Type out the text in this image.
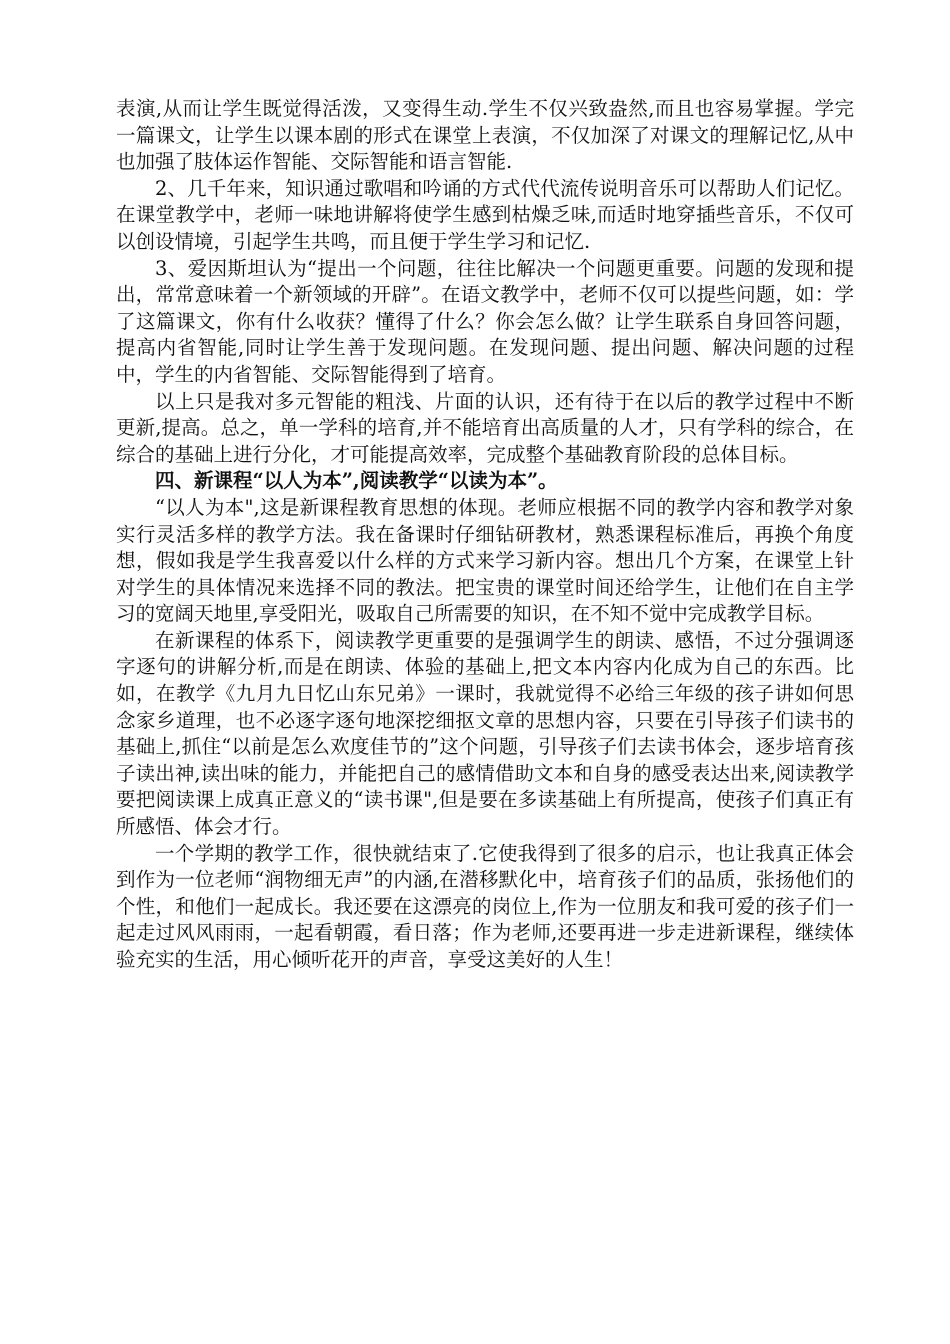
表演,从而让学生既觉得活泼，又变得生动.学生不仅兴致盎然,而且也容易掌握。学完一篇课文，让学生以课本剧的形式在课堂上表演，不仅加深了对课文的理解记忆,从中也加强了肢体运作智能、交际智能和语言智能.

2、几千年来，知识通过歌唱和吟诵的方式代代流传说明音乐可以帮助人们记忆。在课堂教学中，老师一味地讲解将使学生感到枯燥乏味,而适时地穿插些音乐，不仅可以创设情境，引起学生共鸣，而且便于学生学习和记忆.

3、爱因斯坦认为“提出一个问题，往往比解决一个问题更重要。问题的发现和提出，常常意味着一个新领域的开辟”。在语文教学中，老师不仅可以提些问题，如：学了这篇课文，你有什么收获？懂得了什么？你会怎么做？让学生联系自身回答问题，提高内省智能,同时让学生善于发现问题。在发现问题、提出问题、解决问题的过程中，学生的内省智能、交际智能得到了培育。

以上只是我对多元智能的粗浅、片面的认识，还有待于在以后的教学过程中不断更新,提高。总之，单一学科的培育,并不能培育出高质量的人才，只有学科的综合，在综合的基础上进行分化，才可能提高效率，完成整个基础教育阶段的总体目标。

四、新课程“以人为本”,阅读教学“以读为本”。

“以人为本",这是新课程教育思想的体现。老师应根据不同的教学内容和教学对象实行灵活多样的教学方法。我在备课时仔细钻研教材，熟悉课程标准后，再换个角度想，假如我是学生我喜爱以什么样的方式来学习新内容。想出几个方案，在课堂上针对学生的具体情况来选择不同的教法。把宝贵的课堂时间还给学生，让他们在自主学习的宽阔天地里,享受阳光，吸取自己所需要的知识，在不知不觉中完成教学目标。

在新课程的体系下，阅读教学更重要的是强调学生的朗读、感悟，不过分强调逐字逐句的讲解分析,而是在朗读、体验的基础上,把文本内容内化成为自己的东西。比如，在教学《九月九日忆山东兄弟》一课时，我就觉得不必给三年级的孩子讲如何思念家乡道理，也不必逐字逐句地深挖细抠文章的思想内容，只要在引导孩子们读书的基础上,抓住“以前是怎么欢度佳节的”这个问题，引导孩子们去读书体会，逐步培育孩子读出神,读出味的能力，并能把自己的感情借助文本和自身的感受表达出来,阅读教学要把阅读课上成真正意义的“读书课",但是要在多读基础上有所提高，使孩子们真正有所感悟、体会才行。

一个学期的教学工作，很快就结束了.它使我得到了很多的启示，也让我真正体会到作为一位老师“润物细无声”的内涵,在潜移默化中，培育孩子们的品质，张扬他们的个性，和他们一起成长。我还要在这漂亮的岗位上,作为一位朋友和我可爱的孩子们一起走过风风雨雨，一起看朝霞，看日落；作为老师,还要再进一步走进新课程，继续体验充实的生活，用心倾听花开的声音，享受这美好的人生！
